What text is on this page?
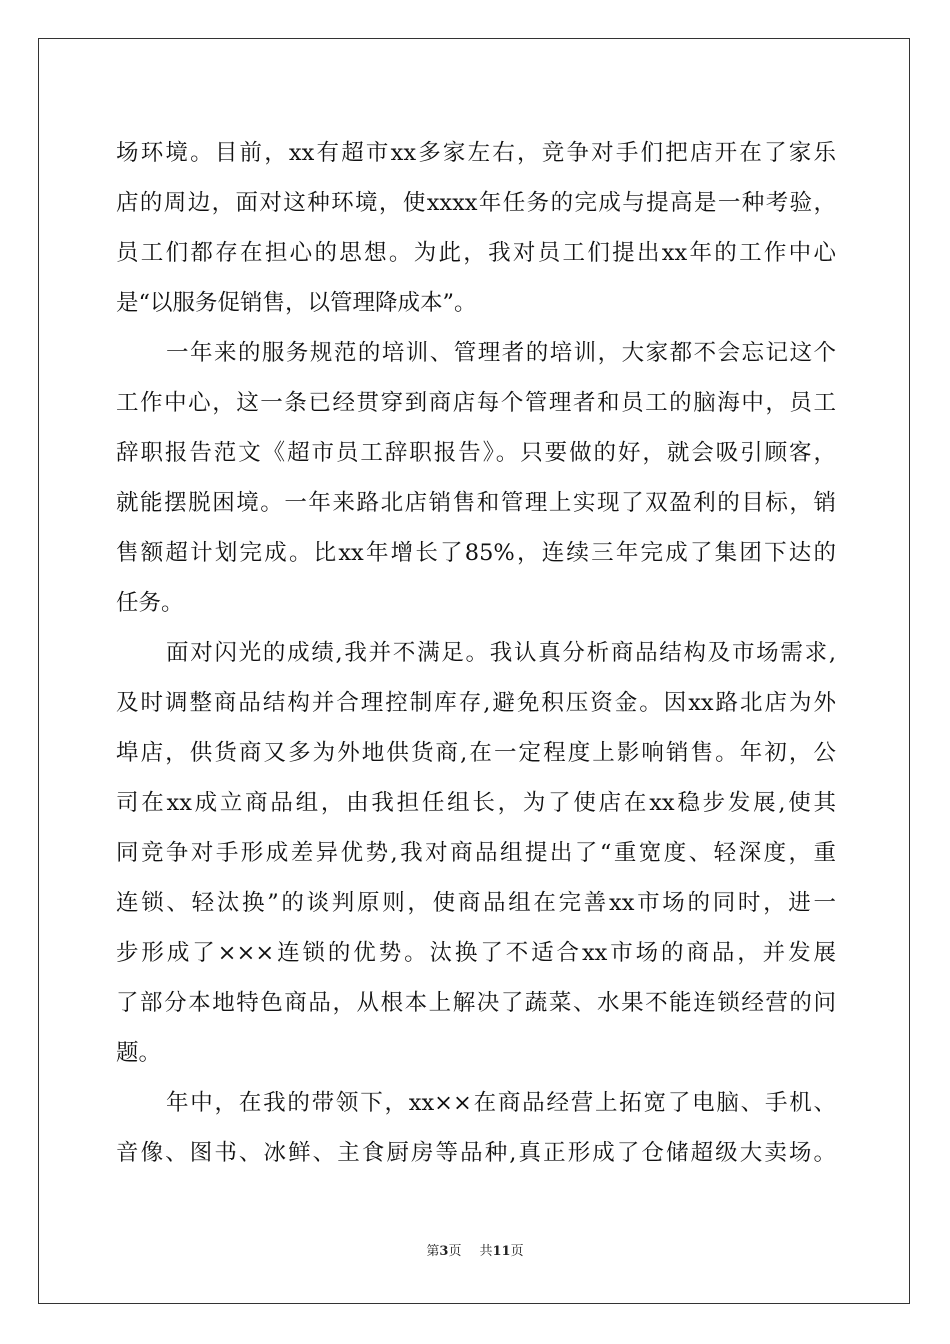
场环境。目前，xx有超市xx多家左右，竞争对手们把店开在了家乐
店的周边，面对这种环境，使xxxx年任务的完成与提高是一种考验，
员工们都存在担心的思想。为此，我对员工们提出xx年的工作中心
是“以服务促销售，以管理降成本”。
一年来的服务规范的培训、管理者的培训，大家都不会忘记这个
工作中心，这一条已经贯穿到商店每个管理者和员工的脑海中，员工
辞职报告范文《超市员工辞职报告》。只要做的好，就会吸引顾客，
就能摆脱困境。一年来路北店销售和管理上实现了双盈利的目标，销
售额超计划完成。比xx年增长了85%，连续三年完成了集团下达的
任务。
面对闪光的成绩,我并不满足。我认真分析商品结构及市场需求,
及时调整商品结构并合理控制库存,避免积压资金。因xx路北店为外
埠店，供货商又多为外地供货商,在一定程度上影响销售。年初，公
司在xx成立商品组，由我担任组长，为了使店在xx稳步发展,使其
同竞争对手形成差异优势,我对商品组提出了“重宽度、轻深度，重
连锁、轻汰换”的谈判原则，使商品组在完善xx市场的同时，进一
步形成了×××连锁的优势。汰换了不适合xx市场的商品，并发展
了部分本地特色商品，从根本上解决了蔬菜、水果不能连锁经营的问
题。
年中，在我的带领下，xx××在商品经营上拓宽了电脑、手机、
音像、图书、冰鲜、主食厨房等品种,真正形成了仓储超级大卖场。
第3页 共11页
